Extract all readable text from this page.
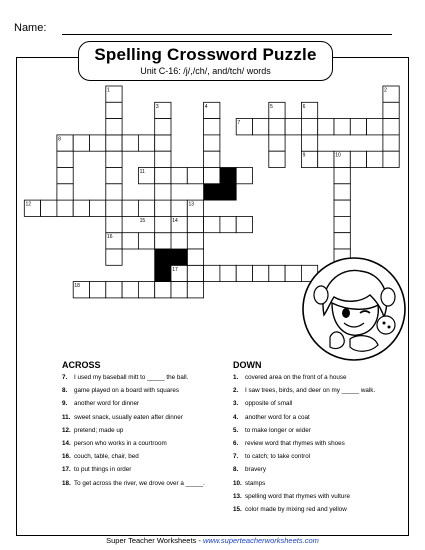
Name:
1	2
3	4	5	6
7
8
9	10
11
12	13
14
15
16
17
18
Spelling Crossword Puzzle
Unit C-16: /j/,/ch/, and/tch/ words
ACROSS
7. I used my baseball mitt to _____ the ball.
8. game played on a board with squares
9. another word for dinner
11. sweet snack, usually eaten after dinner
12. pretend; made up
14. person who works in a courtroom
16. couch, table, chair, bed
17. to put things in order
18. To get across the river, we drove over a _____.
DOWN
1. covered area on the front of a house
2. I saw trees, birds, and deer on my _____ walk.
3. opposite of small
4. another word for a coat
5. to make longer or wider
6. review word that rhymes with shoes
7. to catch; to take control
8. bravery
10. stamps
13. spelling word that rhymes with vulture
15. color made by mixing red and yellow
Super Teacher Worksheets - www.superteacherworksheets.com
